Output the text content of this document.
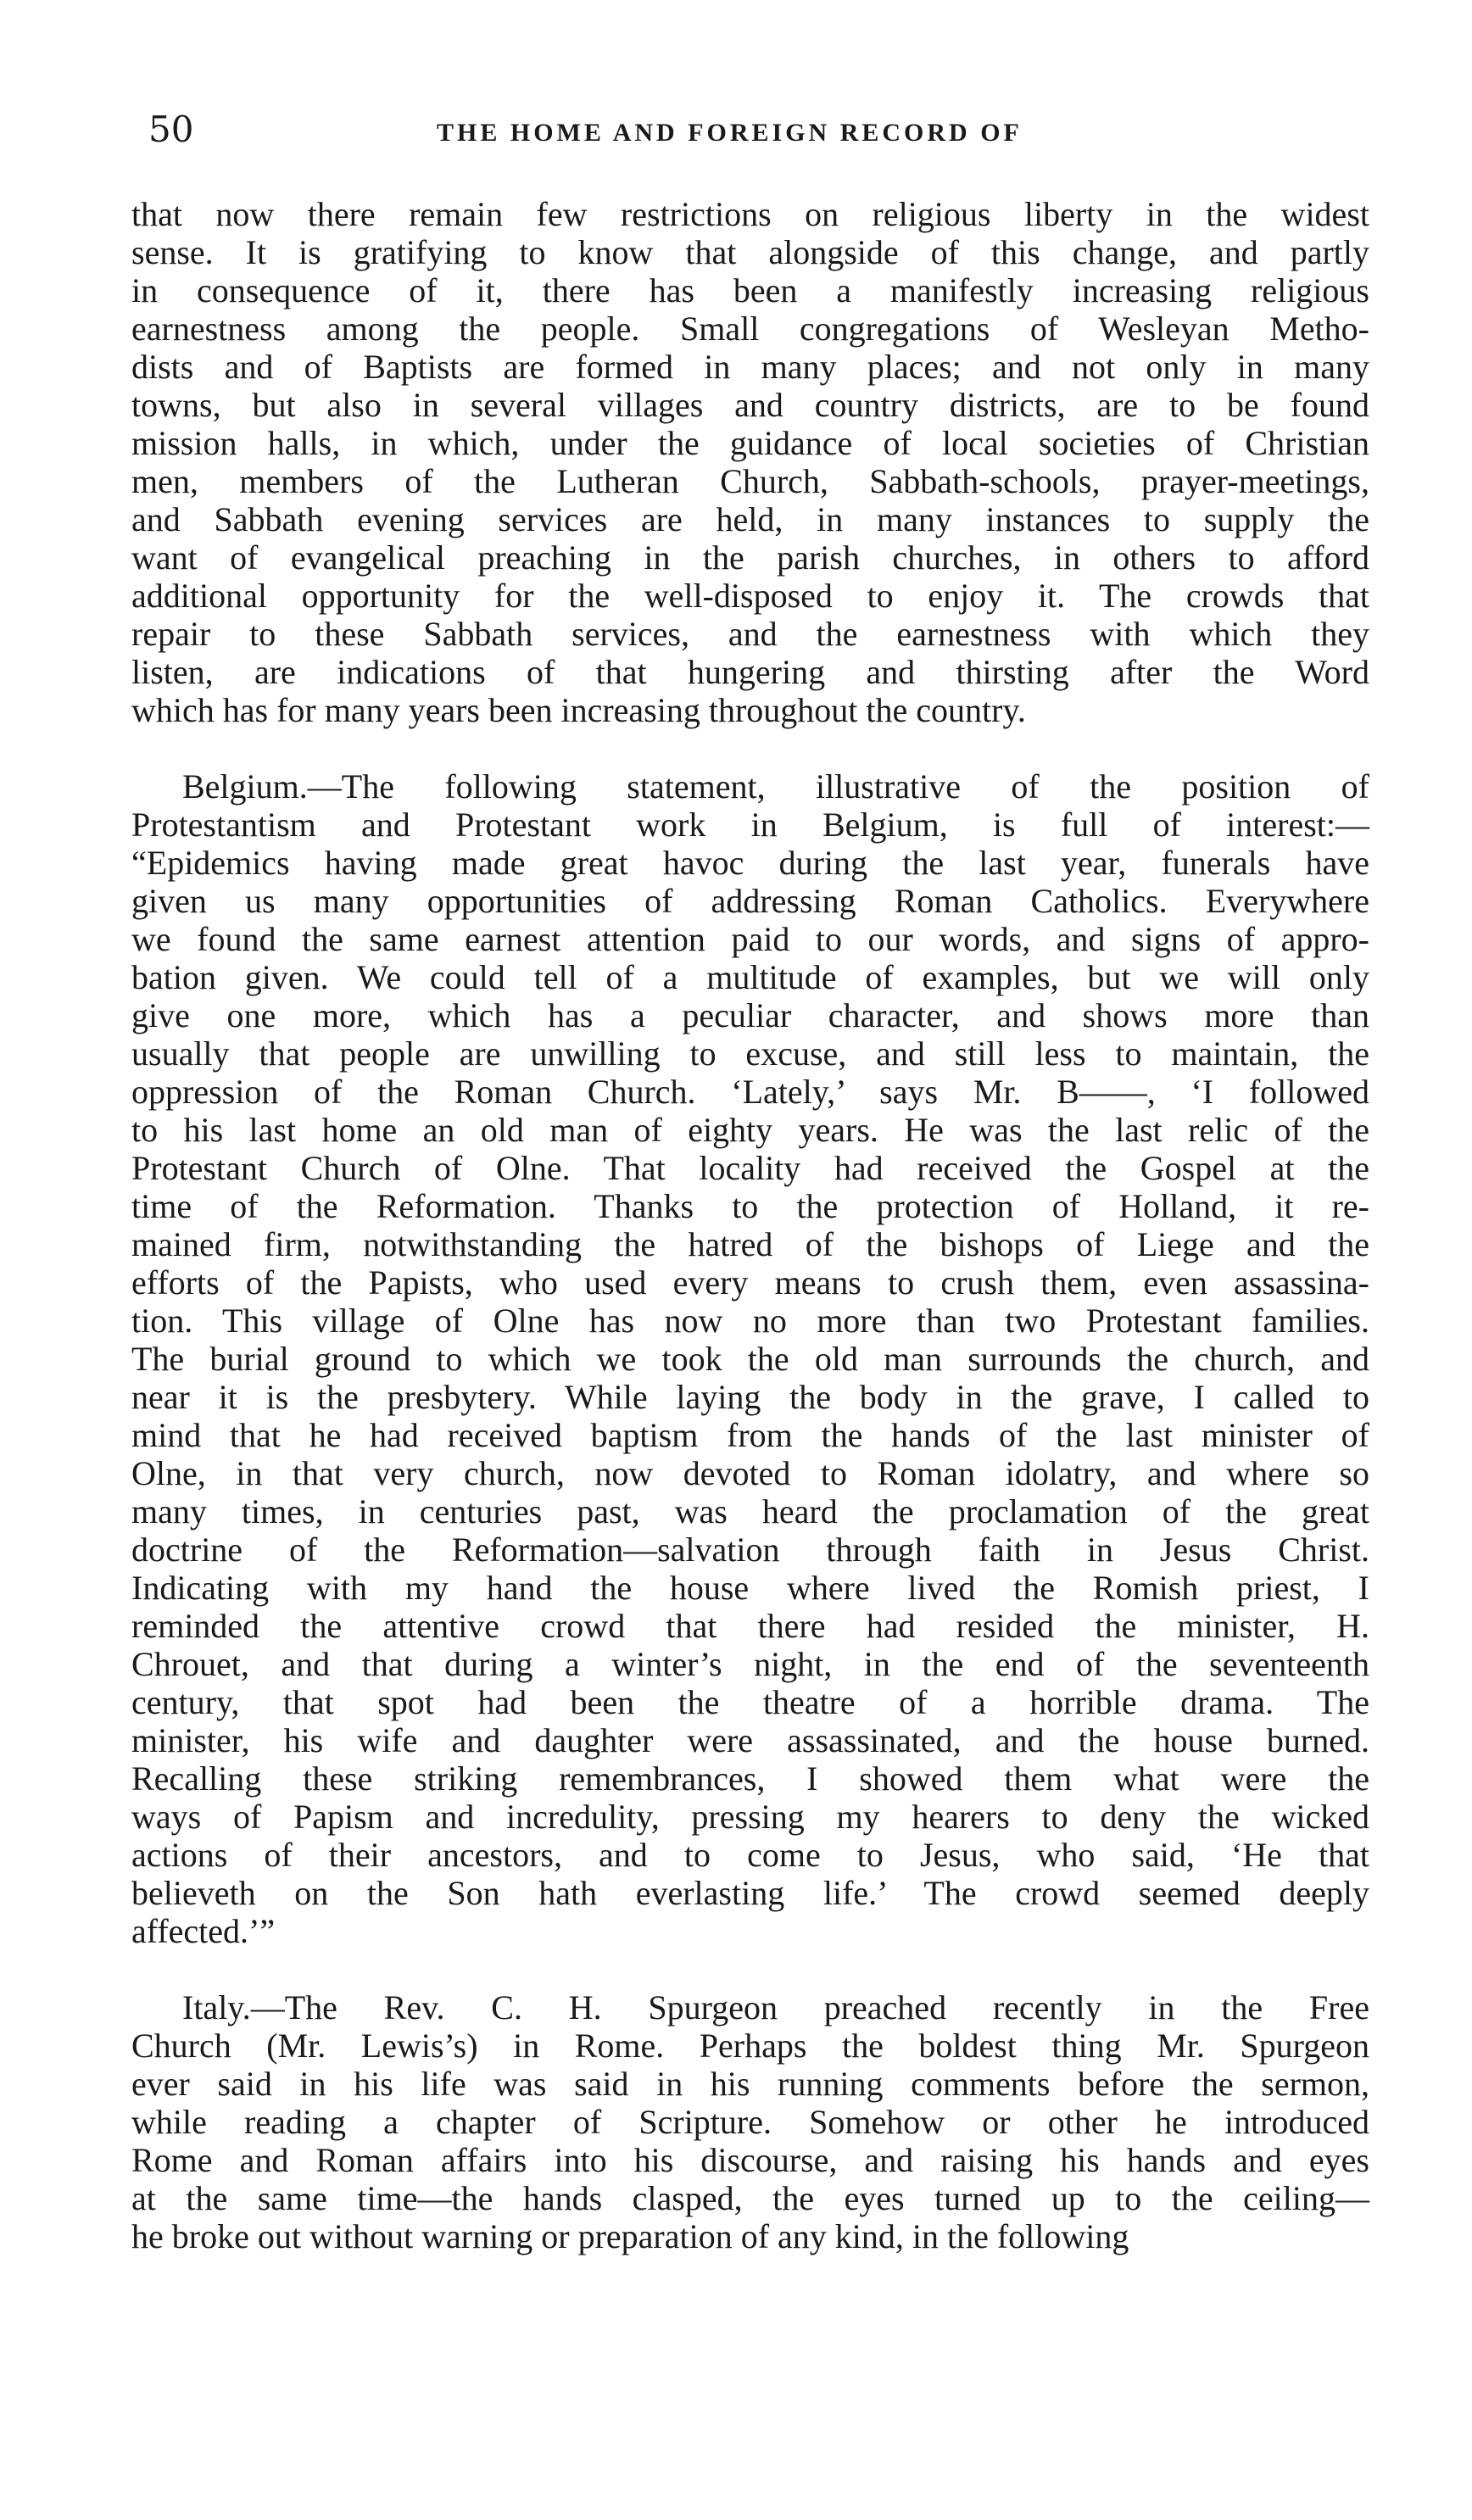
50	THE HOME AND FOREIGN RECORD OF
that now there remain few restrictions on religious liberty in the widest
sense. It is gratifying to know that alongside of this change, and partly
in consequence of it, there has been a manifestly increasing religious
earnestness among the people. Small congregations of Wesleyan Metho-
dists and of Baptists are formed in many places; and not only in many
towns, but also in several villages and country districts, are to be found
mission halls, in which, under the guidance of local societies of Christian
men, members of the Lutheran Church, Sabbath-schools, prayer-meetings,
and Sabbath evening services are held, in many instances to supply the
want of evangelical preaching in the parish churches, in others to afford
additional opportunity for the well-disposed to enjoy it. The crowds that
repair to these Sabbath services, and the earnestness with which they
listen, are indications of that hungering and thirsting after the Word
which has for many years been increasing throughout the country.
Belgium.—The following statement, illustrative of the position of
Protestantism and Protestant work in Belgium, is full of interest:—
“Epidemics having made great havoc during the last year, funerals have
given us many opportunities of addressing Roman Catholics. Everywhere
we found the same earnest attention paid to our words, and signs of appro-
bation given. We could tell of a multitude of examples, but we will only
give one more, which has a peculiar character, and shows more than
usually that people are unwilling to excuse, and still less to maintain, the
oppression of the Roman Church. ‘Lately,’ says Mr. B——, ‘I followed
to his last home an old man of eighty years. He was the last relic of the
Protestant Church of Olne. That locality had received the Gospel at the
time of the Reformation. Thanks to the protection of Holland, it re-
mained firm, notwithstanding the hatred of the bishops of Liege and the
efforts of the Papists, who used every means to crush them, even assassina-
tion. This village of Olne has now no more than two Protestant families.
The burial ground to which we took the old man surrounds the church, and
near it is the presbytery. While laying the body in the grave, I called to
mind that he had received baptism from the hands of the last minister of
Olne, in that very church, now devoted to Roman idolatry, and where so
many times, in centuries past, was heard the proclamation of the great
doctrine of the Reformation—salvation through faith in Jesus Christ.
Indicating with my hand the house where lived the Romish priest, I
reminded the attentive crowd that there had resided the minister, H.
Chrouet, and that during a winter’s night, in the end of the seventeenth
century, that spot had been the theatre of a horrible drama. The
minister, his wife and daughter were assassinated, and the house burned.
Recalling these striking remembrances, I showed them what were the
ways of Papism and incredulity, pressing my hearers to deny the wicked
actions of their ancestors, and to come to Jesus, who said, ‘He that
believeth on the Son hath everlasting life.’ The crowd seemed deeply
affected.’”
Italy.—The Rev. C. H. Spurgeon preached recently in the Free
Church (Mr. Lewis’s) in Rome. Perhaps the boldest thing Mr. Spurgeon
ever said in his life was said in his running comments before the sermon,
while reading a chapter of Scripture. Somehow or other he introduced
Rome and Roman affairs into his discourse, and raising his hands and eyes
at the same time—the hands clasped, the eyes turned up to the ceiling—
he broke out without warning or preparation of any kind, in the following
